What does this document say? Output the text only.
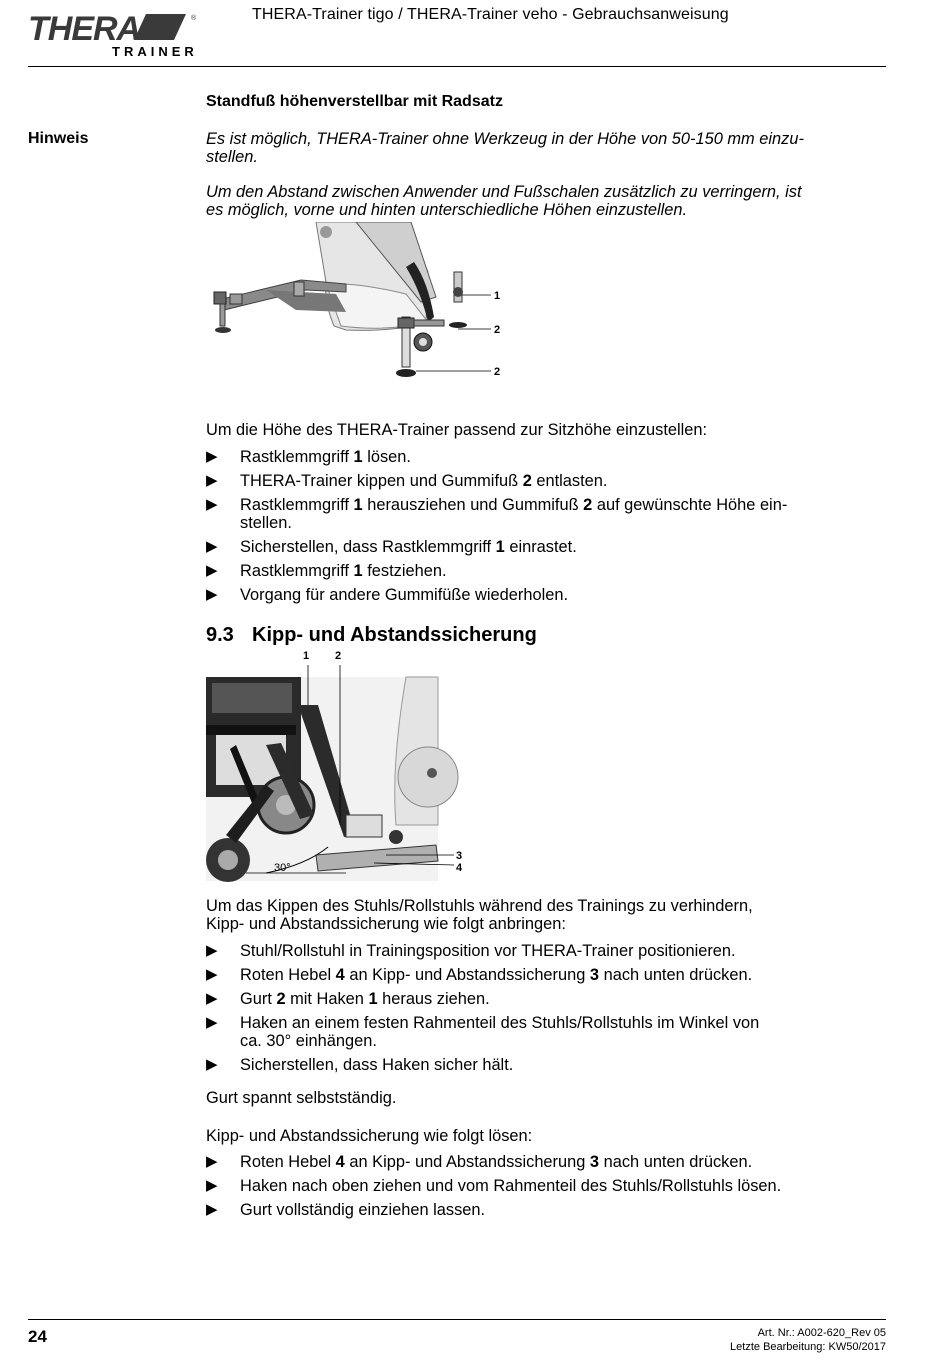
THERA	®
TRAINER
THERA-Trainer tigo / THERA-Trainer veho - Gebrauchsanweisung
Standfuß höhenverstellbar mit Radsatz
Hinweis	Es ist möglich, THERA-Trainer ohne Werkzeug in der Höhe von 50-150 mm einzu-
stellen.
Um den Abstand zwischen Anwender und Fußschalen zusätzlich zu verringern, ist
es möglich, vorne und hinten unterschiedliche Höhen einzustellen.
1
2
2
Um die Höhe des THERA-Trainer passend zur Sitzhöhe einzustellen:
▶ Rastklemmgriff 1 lösen.
▶ THERA-Trainer kippen und Gummifuß 2 entlasten.
▶ Rastklemmgriff 1 herausziehen und Gummifuß 2 auf gewünschte Höhe ein-
stellen.
▶ Sicherstellen, dass Rastklemmgriff 1 einrastet.
▶ Rastklemmgriff 1 festziehen.
▶ Vorgang für andere Gummifüße wiederholen.
9.3 Kipp- und Abstandssicherung
1 2
30°
3
4
Um das Kippen des Stuhls/Rollstuhls während des Trainings zu verhindern,
Kipp- und Abstandssicherung wie folgt anbringen:
▶ Stuhl/Rollstuhl in Trainingsposition vor THERA-Trainer positionieren.
▶ Roten Hebel 4 an Kipp- und Abstandssicherung 3 nach unten drücken.
▶ Gurt 2 mit Haken 1 heraus ziehen.
▶ Haken an einem festen Rahmenteil des Stuhls/Rollstuhls im Winkel von
ca. 30° einhängen.
▶ Sicherstellen, dass Haken sicher hält.
Gurt spannt selbstständig.
Kipp- und Abstandssicherung wie folgt lösen:
▶ Roten Hebel 4 an Kipp- und Abstandssicherung 3 nach unten drücken.
▶ Haken nach oben ziehen und vom Rahmenteil des Stuhls/Rollstuhls lösen.
▶ Gurt vollständig einziehen lassen.
24	Art. Nr.: A002-620_Rev 05
Letzte Bearbeitung: KW50/2017
